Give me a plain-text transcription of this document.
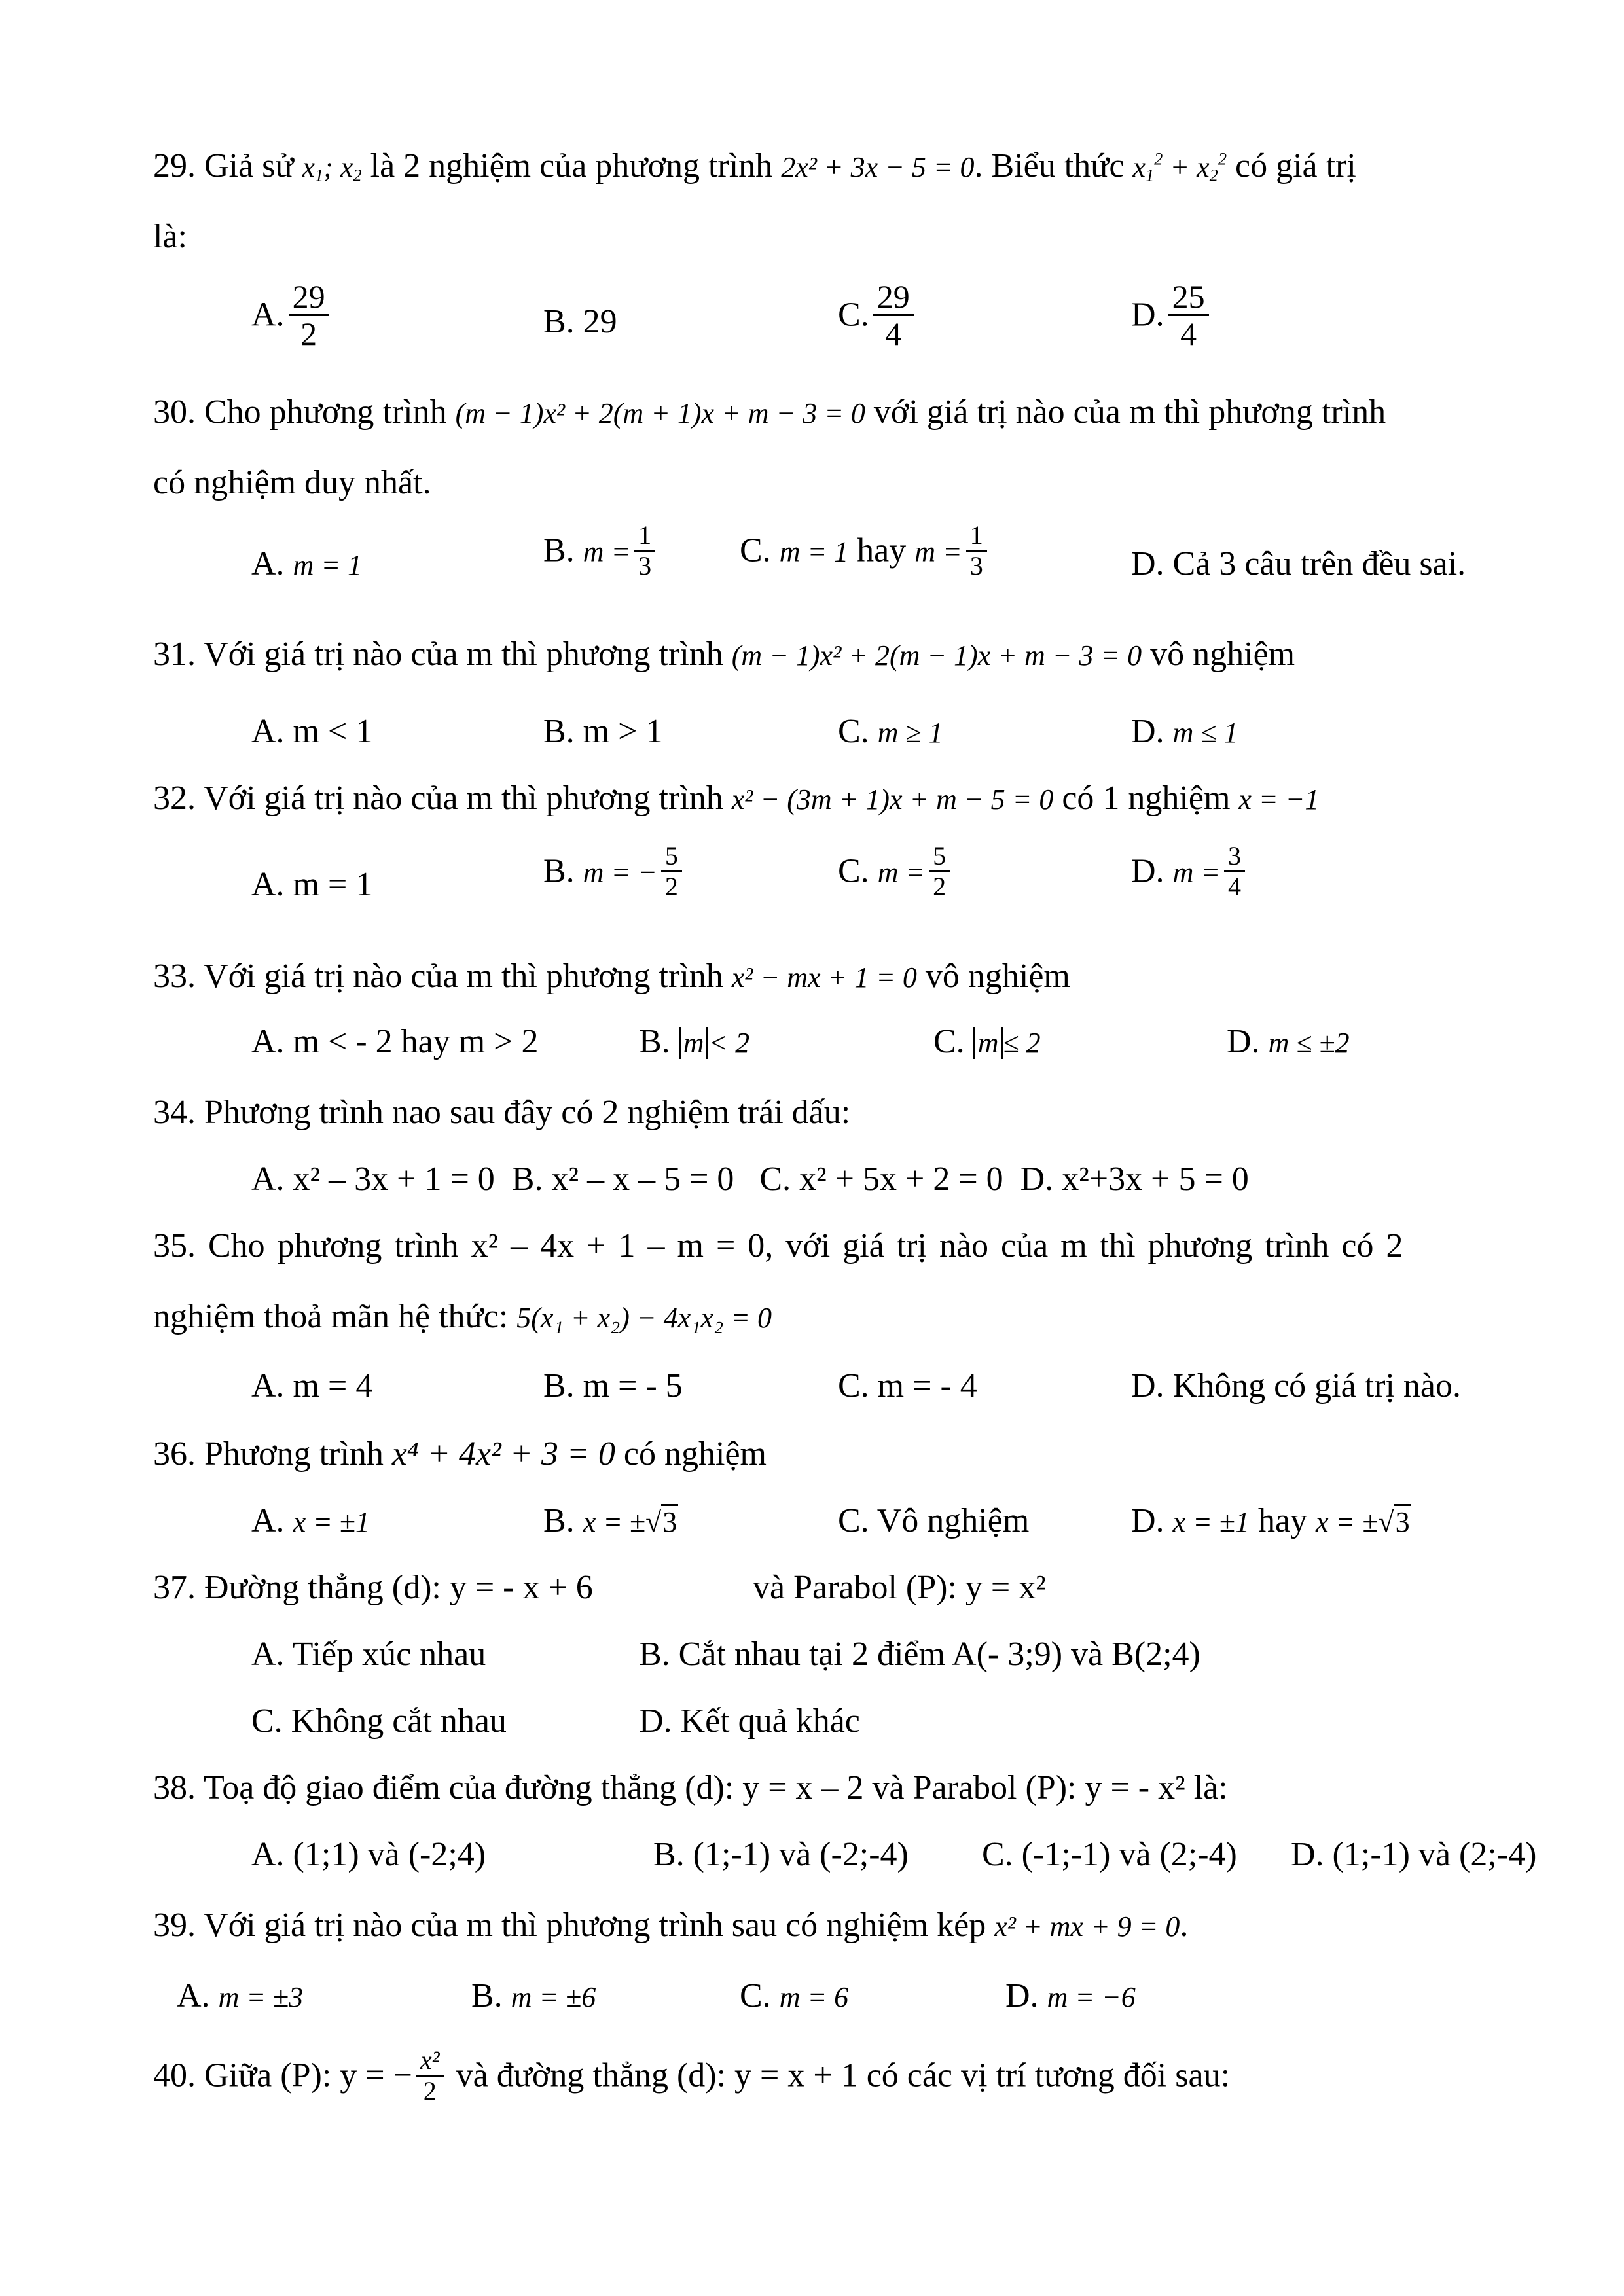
29. Giả sử $x_1$; $x_2$ là 2 nghiệm của phương trình 2x² + 3x − 5 = 0. Biểu thức $x_1^2 + x_2^2$ có giá trị
là:
A. $\frac{29}{2}$	B. 29	C. $\frac{29}{4}$	D. $\frac{25}{4}$
30. Cho phương trình (m − 1)x² + 2(m + 1)x + m − 3 = 0 với giá trị nào của m thì phương trình
có nghiệm duy nhất.
A. m = 1	B. $m = \frac{1}{3} C$. m = 1 hay $m = \frac{1}{3}$	D. Cả 3 câu trên đều sai.
31. Với giá trị nào của m thì phương trình (m − 1)x² + 2(m − 1)x + m − 3 = 0 vô nghiệm
A. m < 1	B. m > 1	C. m ≥ 1	D. m ≤ 1
32. Với giá trị nào của m thì phương trình x² − (3m + 1)x + m − 5 = 0 có 1 nghiệm x = −1
A. m = 1	B. m = − $\frac{5}{2}$	C. $m = \frac{5}{2}$	D. $m = \frac{3}{4}$
33. Với giá trị nào của m thì phương trình x² − mx + 1 = 0 vô nghiệm
A. m < - 2 hay m > 2	B. m < 2	C. m ≤ 2	D. m ≤ ±2
34. Phương trình nao sau đây có 2 nghiệm trái dấu:
A. x² – 3x + 1 = 0  B. x² – x – 5 = 0   C. x² + 5x + 2 = 0  D. x²+3x + 5 = 0
35. Cho phương trình x² – 4x + 1 – m = 0, với giá trị nào của m thì phương trình có 2
nghiệm thoả mãn hệ thức: 5(x₁ + x₂) − 4x₁x₂ = 0
A. m = 4	B. m = - 5	C. m = - 4	D. Không có giá trị nào.
36. Phương trình x⁴ + 4x² + 3 = 0 có nghiệm
A. x = ±1	B. x = ±√3	C. Vô nghiệm	D. x = ±1 hay x = ±√3
37. Đường thẳng (d): y = - x + 6	và Parabol (P): y = x²
A. Tiếp xúc nhau	B. Cắt nhau tại 2 điểm A(- 3;9) và B(2;4)
C. Không cắt nhau	D. Kết quả khác
38. Toạ độ giao điểm của đường thẳng (d): y = x – 2 và Parabol (P): y = - x² là:
A. (1;1) và (-2;4)	B. (1;-1) và (-2;-4) C. (-1;-1) và (2;-4) D. (1;-1) và (2;-4)
39. Với giá trị nào của m thì phương trình sau có nghiệm kép x² + mx + 9 = 0.
A. m = ±3	B. m = ±6	C. m = 6	D. m = −6
40. Giữa (P): y = − $\frac{\text{x²}}{2}$ và đường thẳng (d): y = x + 1 có các vị trí tương đối sau:
